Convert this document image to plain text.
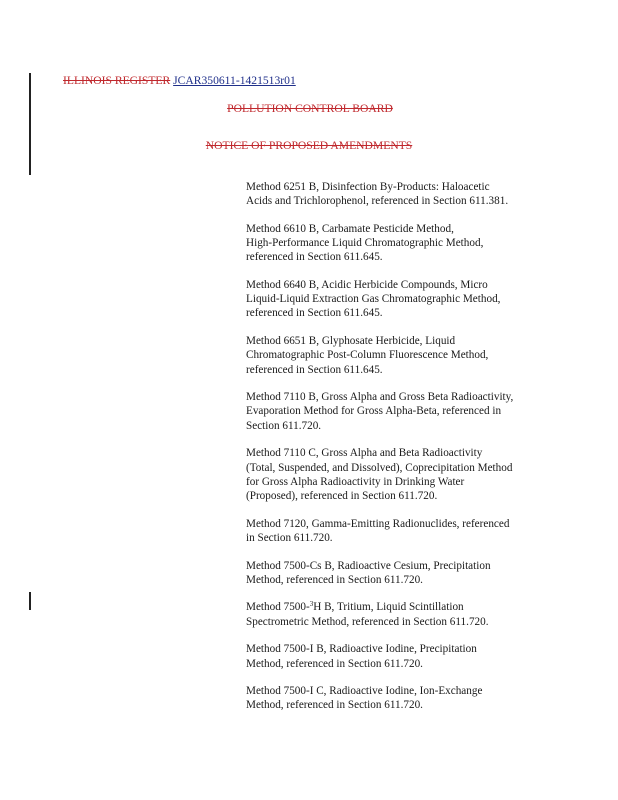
ILLINOIS REGISTER JCAR350611-1421513r01
POLLUTION CONTROL BOARD
NOTICE OF PROPOSED AMENDMENTS
Method 6251 B, Disinfection By-Products: Haloacetic
Acids and Trichlorophenol, referenced in Section 611.381.
Method 6610 B, Carbamate Pesticide Method,
High-Performance Liquid Chromatographic Method,
referenced in Section 611.645.
Method 6640 B, Acidic Herbicide Compounds, Micro
Liquid-Liquid Extraction Gas Chromatographic Method,
referenced in Section 611.645.
Method 6651 B, Glyphosate Herbicide, Liquid
Chromatographic Post-Column Fluorescence Method,
referenced in Section 611.645.
Method 7110 B, Gross Alpha and Gross Beta Radioactivity,
Evaporation Method for Gross Alpha-Beta, referenced in
Section 611.720.
Method 7110 C, Gross Alpha and Beta Radioactivity
(Total, Suspended, and Dissolved), Coprecipitation Method
for Gross Alpha Radioactivity in Drinking Water
(Proposed), referenced in Section 611.720.
Method 7120, Gamma-Emitting Radionuclides, referenced
in Section 611.720.
Method 7500-Cs B, Radioactive Cesium, Precipitation
Method, referenced in Section 611.720.
Method 7500-$^3$H B, Tritium, Liquid Scintillation
Spectrometric Method, referenced in Section 611.720.
Method 7500-I B, Radioactive Iodine, Precipitation
Method, referenced in Section 611.720.
Method 7500-I C, Radioactive Iodine, Ion-Exchange
Method, referenced in Section 611.720.
